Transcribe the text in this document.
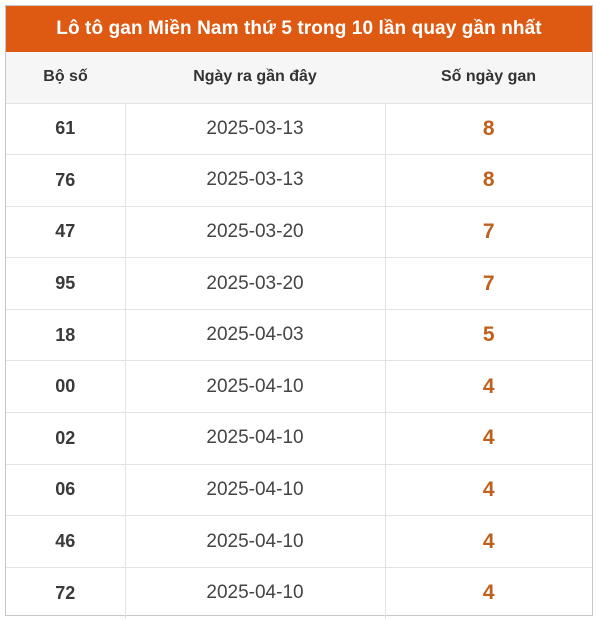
Lô tô gan Miền Nam thứ 5 trong 10 lần quay gần nhất
Bộ số	Ngày ra gần đây	Số ngày gan
61	2025-03-13	8
76	2025-03-13	8
47	2025-03-20	7
95	2025-03-20	7
18	2025-04-03	5
00	2025-04-10	4
02	2025-04-10	4
06	2025-04-10	4
46	2025-04-10	4
72	2025-04-10	4
